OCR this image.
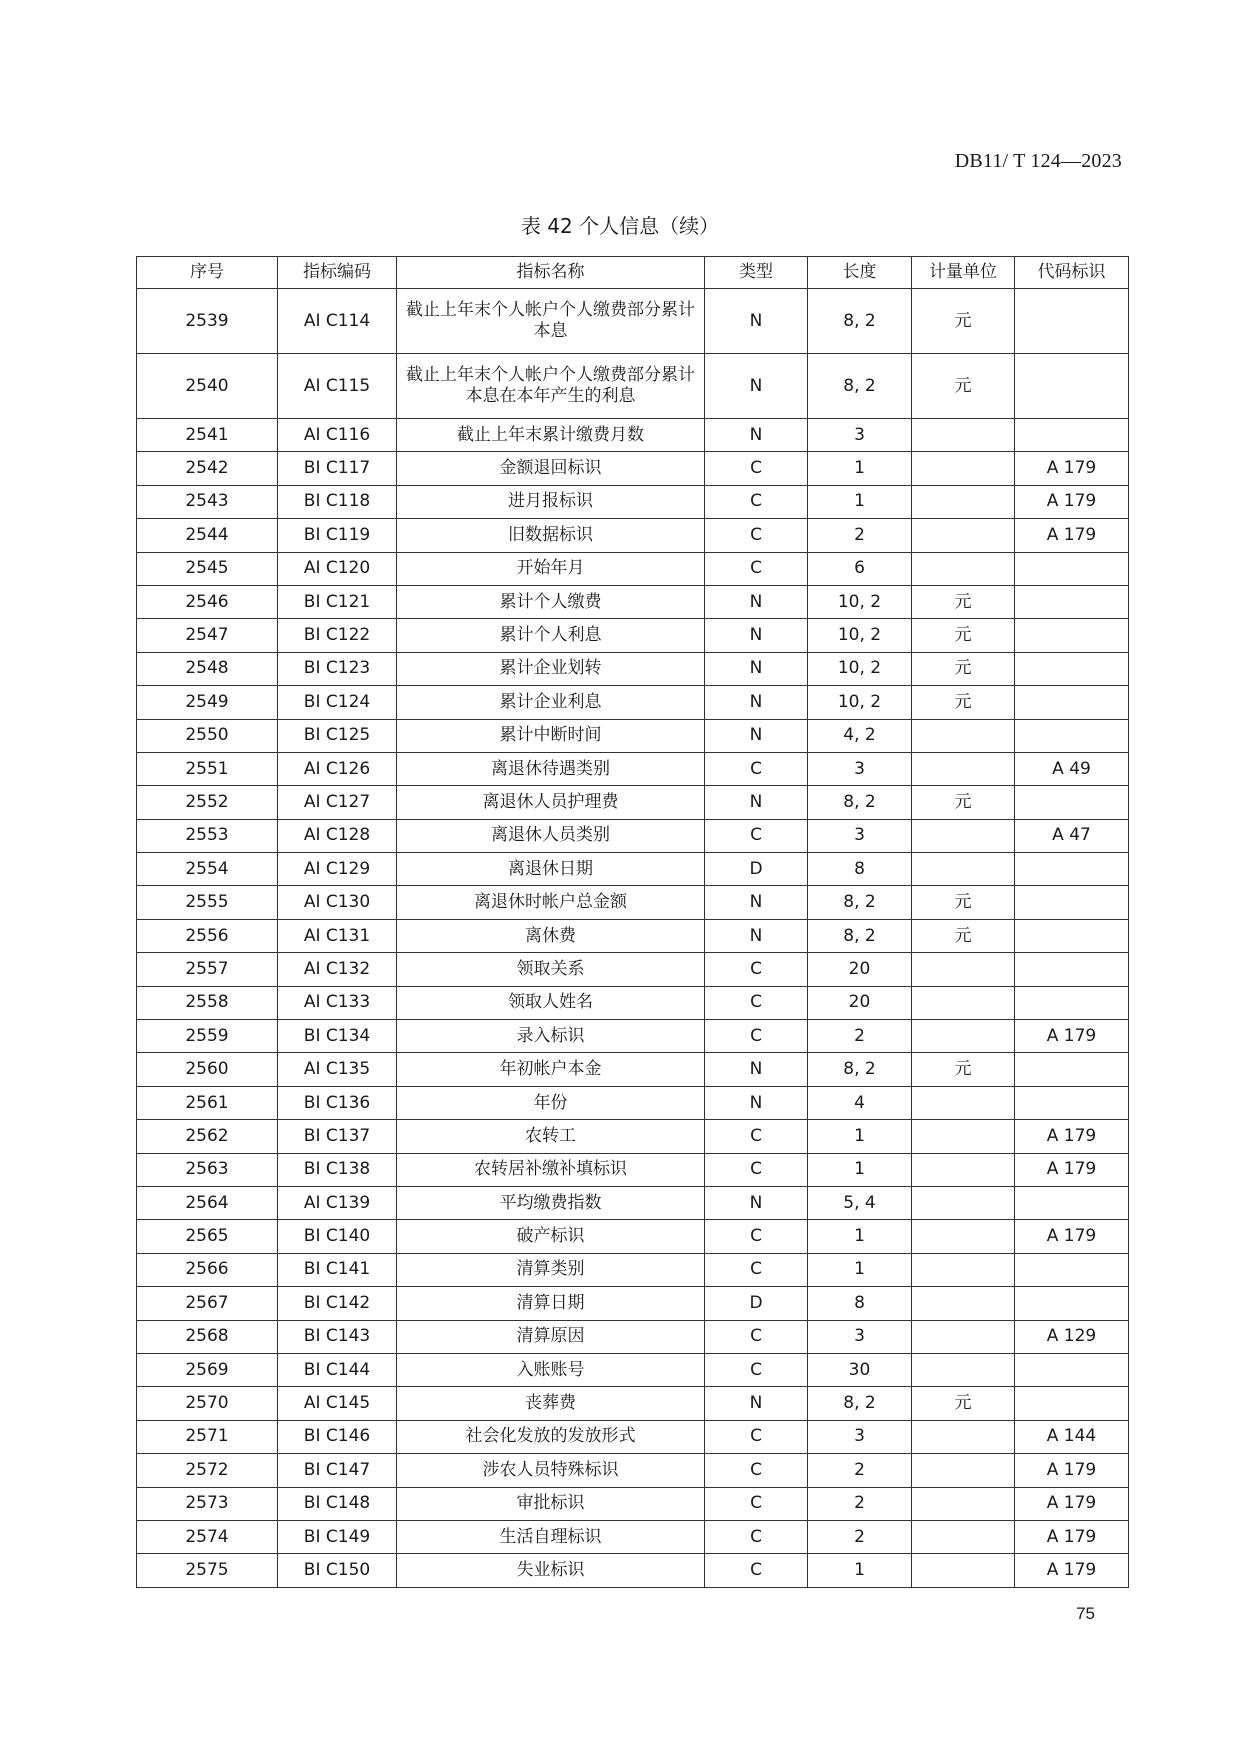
DB11/ T 124—2023
表 42 个人信息（续）
序号	指标编码	指标名称	类型	长度	计量单位	代码标识
2539	AI C114	截止上年末个人帐户个人缴费部分累计本息	N	8, 2	元	
2540	AI C115	截止上年末个人帐户个人缴费部分累计本息在本年产生的利息	N	8, 2	元	
2541	AI C116	截止上年末累计缴费月数	N	3		
2542	BI C117	金额退回标识	C	1		A 179
2543	BI C118	进月报标识	C	1		A 179
2544	BI C119	旧数据标识	C	2		A 179
2545	AI C120	开始年月	C	6		
2546	BI C121	累计个人缴费	N	10, 2	元	
2547	BI C122	累计个人利息	N	10, 2	元	
2548	BI C123	累计企业划转	N	10, 2	元	
2549	BI C124	累计企业利息	N	10, 2	元	
2550	BI C125	累计中断时间	N	4, 2		
2551	AI C126	离退休待遇类别	C	3		A 49
2552	AI C127	离退休人员护理费	N	8, 2	元	
2553	AI C128	离退休人员类别	C	3		A 47
2554	AI C129	离退休日期	D	8		
2555	AI C130	离退休时帐户总金额	N	8, 2	元	
2556	AI C131	离休费	N	8, 2	元	
2557	AI C132	领取关系	C	20		
2558	AI C133	领取人姓名	C	20		
2559	BI C134	录入标识	C	2		A 179
2560	AI C135	年初帐户本金	N	8, 2	元	
2561	BI C136	年份	N	4		
2562	BI C137	农转工	C	1		A 179
2563	BI C138	农转居补缴补填标识	C	1		A 179
2564	AI C139	平均缴费指数	N	5, 4		
2565	BI C140	破产标识	C	1		A 179
2566	BI C141	清算类别	C	1		
2567	BI C142	清算日期	D	8		
2568	BI C143	清算原因	C	3		A 129
2569	BI C144	入账账号	C	30		
2570	AI C145	丧葬费	N	8, 2	元	
2571	BI C146	社会化发放的发放形式	C	3		A 144
2572	BI C147	涉农人员特殊标识	C	2		A 179
2573	BI C148	审批标识	C	2		A 179
2574	BI C149	生活自理标识	C	2		A 179
2575	BI C150	失业标识	C	1		A 179
75
